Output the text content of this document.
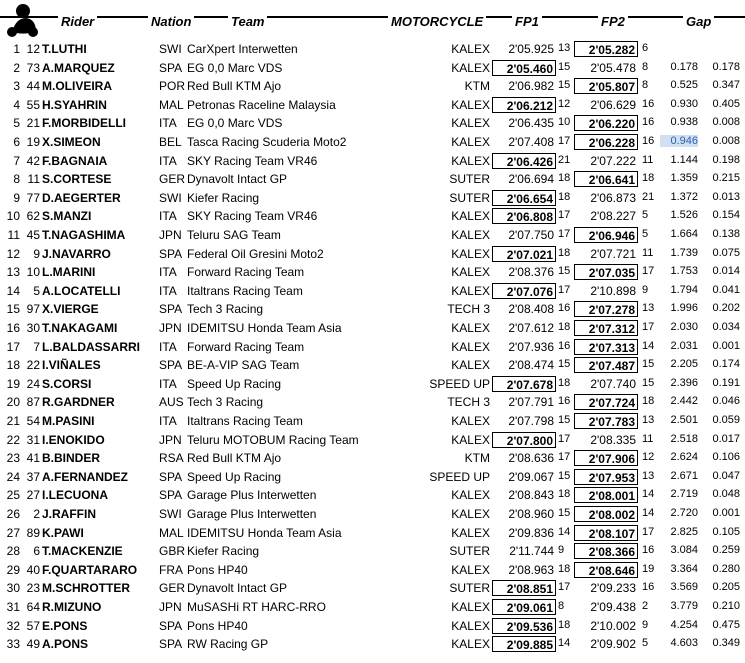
Rider	Nation	Team	MOTORCYCLE FP1	FP2	Gap
1 12 T.LUTHI	SWI CarXpert Interwetten	KALEX	2'05.925 13	2'05.282 6
2 73 A.MARQUEZ	SPA EG 0,0 Marc VDS	KALEX	2'05.460 15	2'05.478 8	0.178	0.178
3 44 M.OLIVEIRA	POR Red Bull KTM Ajo	KTM	2'06.982 15	2'05.807 8	0.525	0.347
4 55 H.SYAHRIN	MAL Petronas Raceline Malaysia	KALEX	2'06.212 12	2'06.629 16	0.930	0.405
5 21 F.MORBIDELLI	ITA EG 0,0 Marc VDS	KALEX	2'06.435 10	2'06.220 16	0.938	0.008
6 19 X.SIMEON	BEL Tasca Racing Scuderia Moto2	KALEX	2'07.408 17	2'06.228 16	0.946	0.008
7 42 F.BAGNAIA	ITA SKY Racing Team VR46	KALEX	2'06.426 21	2'07.222 11	1.144	0.198
8 11 S.CORTESE	GER Dynavolt Intact GP	SUTER	2'06.694 18	2'06.641 18	1.359	0.215
9 77 D.AEGERTER	SWI Kiefer Racing	SUTER	2'06.654 18	2'06.873 21	1.372	0.013
10 62 S.MANZI	ITA SKY Racing Team VR46	KALEX	2'06.808 17	2'08.227 5	1.526	0.154
11 45 T.NAGASHIMA	JPN Teluru SAG Team	KALEX	2'07.750 17	2'06.946 5	1.664	0.138
12	9 J.NAVARRO	SPA Federal Oil Gresini Moto2	KALEX	2'07.021 18	2'07.721 11	1.739	0.075
13 10 L.MARINI	ITA Forward Racing Team	KALEX	2'08.376 15	2'07.035 17	1.753	0.014
14	5 A.LOCATELLI	ITA Italtrans Racing Team	KALEX	2'07.076 17	2'10.898 9	1.794	0.041
15 97 X.VIERGE	SPA Tech 3 Racing	TECH 3	2'08.408 16	2'07.278 13	1.996	0.202
16 30 T.NAKAGAMI	JPN IDEMITSU Honda Team Asia	KALEX	2'07.612 18	2'07.312 17	2.030	0.034
17	7 L.BALDASSARRI ITA Forward Racing Team	KALEX	2'07.936 16	2'07.313 14	2.031	0.001
18 22 I.VIÑALES	SPA BE-A-VIP SAG Team	KALEX	2'08.474 15	2'07.487 15	2.205	0.174
19 24 S.CORSI	ITA Speed Up Racing	SPEED UP	2'07.678 18	2'07.740 15	2.396	0.191
20 87 R.GARDNER	AUS Tech 3 Racing	TECH 3	2'07.791 16	2'07.724 18	2.442	0.046
21 54 M.PASINI	ITA Italtrans Racing Team	KALEX	2'07.798 15	2'07.783 13	2.501	0.059
22 31 I.ENOKIDO	JPN Teluru MOTOBUM Racing Team	KALEX	2'07.800 17	2'08.335 11	2.518	0.017
23 41 B.BINDER	RSA Red Bull KTM Ajo	KTM	2'08.636 17	2'07.906 12	2.624	0.106
24 37 A.FERNANDEZ	SPA Speed Up Racing	SPEED UP	2'09.067 15	2'07.953 13	2.671	0.047
25 27 I.LECUONA	SPA Garage Plus Interwetten	KALEX	2'08.843 18	2'08.001 14	2.719	0.048
26	2 J.RAFFIN	SWI Garage Plus Interwetten	KALEX	2'08.960 15	2'08.002 14	2.720	0.001
27 89 K.PAWI	MAL IDEMITSU Honda Team Asia	KALEX	2'09.836 14	2'08.107 17	2.825	0.105
28	6 T.MACKENZIE	GBR Kiefer Racing	SUTER	2'11.744 9	2'08.366 16	3.084	0.259
29 40 F.QUARTARARO FRA Pons HP40	KALEX	2'08.963 18	2'08.646 19	3.364	0.280
30 23 M.SCHROTTER GER Dynavolt Intact GP	SUTER	2'08.851 17	2'09.233 16	3.569	0.205
31 64 R.MIZUNO	JPN MuSASHi RT HARC-RRO	KALEX	2'09.061 8	2'09.438 2	3.779	0.210
32 57 E.PONS	SPA Pons HP40	KALEX	2'09.536 18	2'10.002 9	4.254	0.475
33 49 A.PONS	SPA RW Racing GP	KALEX	2'09.885 14	2'09.902 5	4.603	0.349
